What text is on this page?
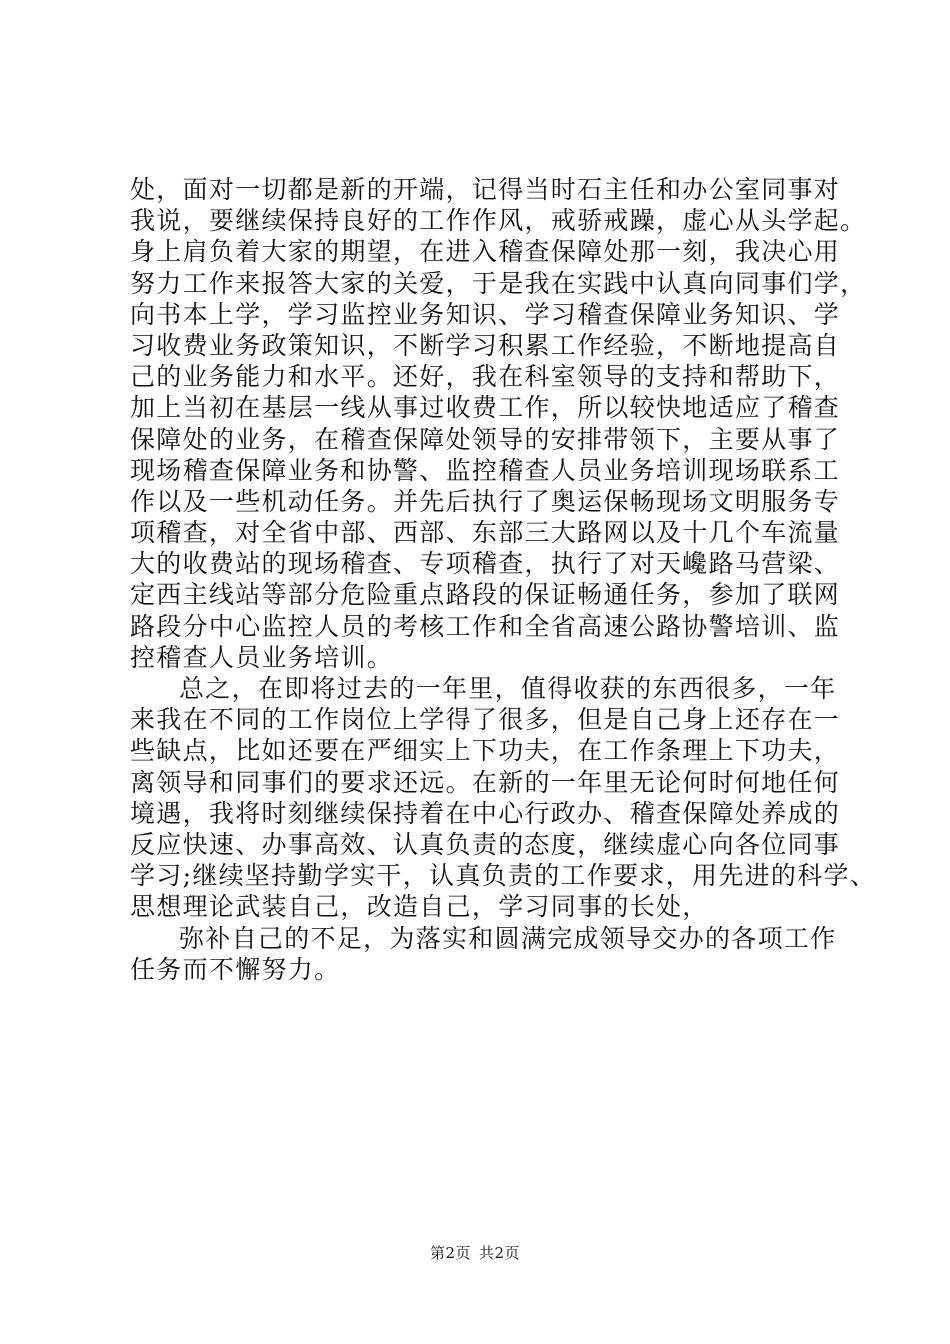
处，面对一切都是新的开端，记得当时石主任和办公室同事对
我说，要继续保持良好的工作作风，戒骄戒躁，虚心从头学起。
身上肩负着大家的期望，在进入稽查保障处那一刻，我决心用
努力工作来报答大家的关爱，于是我在实践中认真向同事们学，
向书本上学，学习监控业务知识、学习稽查保障业务知识、学
习收费业务政策知识，不断学习积累工作经验，不断地提高自
己的业务能力和水平。还好，我在科室领导的支持和帮助下，
加上当初在基层一线从事过收费工作，所以较快地适应了稽查
保障处的业务，在稽查保障处领导的安排带领下，主要从事了
现场稽查保障业务和协警、监控稽查人员业务培训现场联系工
作以及一些机动任务。并先后执行了奥运保畅现场文明服务专
项稽查，对全省中部、西部、东部三大路网以及十几个车流量
大的收费站的现场稽查、专项稽查，执行了对天巉路马营梁、
定西主线站等部分危险重点路段的保证畅通任务，参加了联网
路段分中心监控人员的考核工作和全省高速公路协警培训、监
控稽查人员业务培训。
总之，在即将过去的一年里，值得收获的东西很多，一年
来我在不同的工作岗位上学得了很多，但是自己身上还存在一
些缺点，比如还要在严细实上下功夫，在工作条理上下功夫，
离领导和同事们的要求还远。在新的一年里无论何时何地任何
境遇，我将时刻继续保持着在中心行政办、稽查保障处养成的
反应快速、办事高效、认真负责的态度，继续虚心向各位同事
学习;继续坚持勤学实干，认真负责的工作要求，用先进的科学、
思想理论武装自己，改造自己，学习同事的长处，
弥补自己的不足，为落实和圆满完成领导交办的各项工作
任务而不懈努力。
第2页 共2页
